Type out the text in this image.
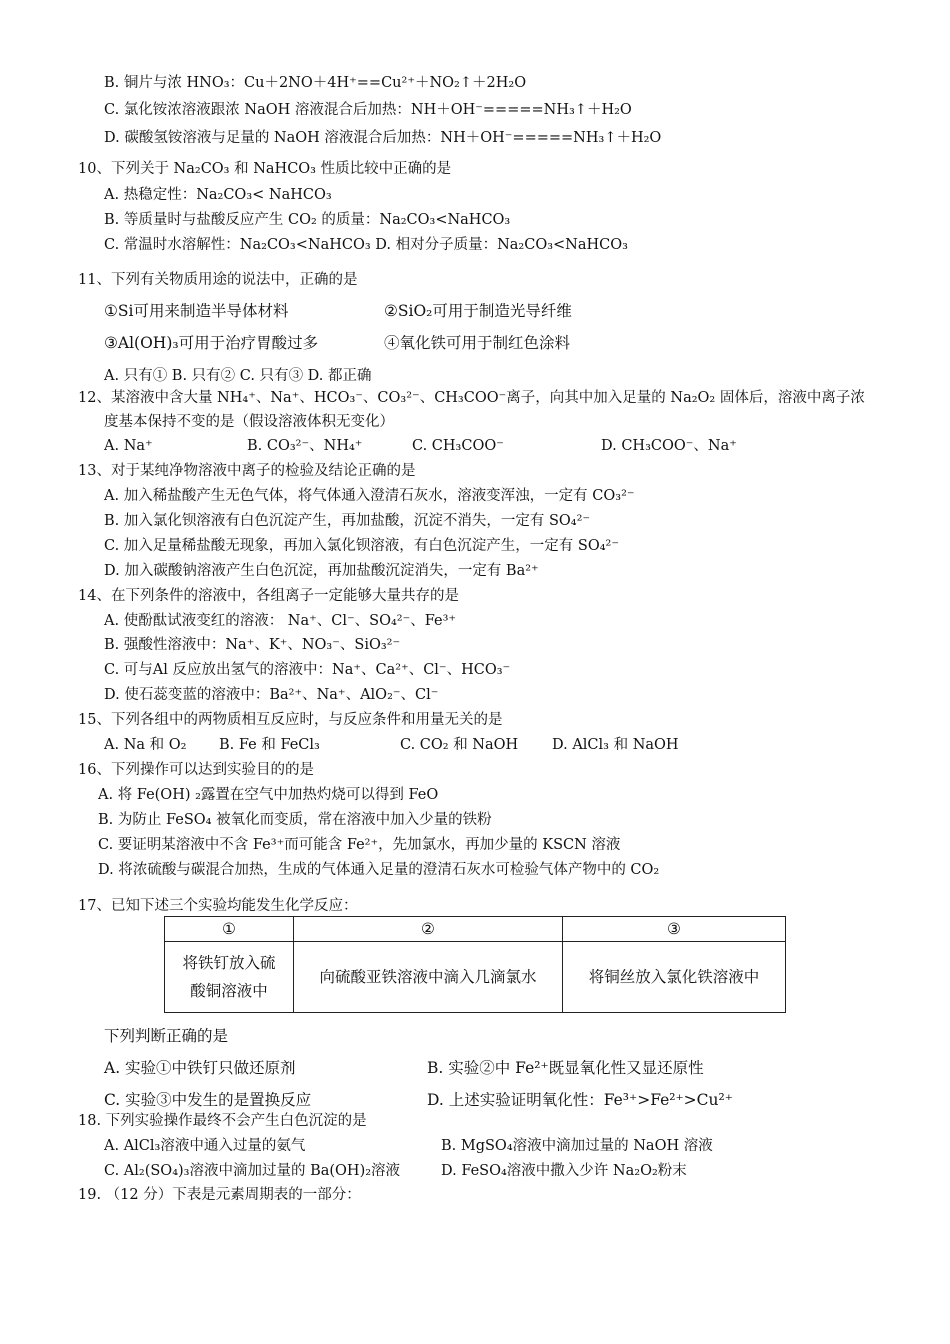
B. 铜片与浓 HNO₃：Cu＋2NO＋4H⁺==Cu²⁺＋NO₂↑＋2H₂O
C. 氯化铵浓溶液跟浓 NaOH 溶液混合后加热：NH＋OH⁻=====NH₃↑＋H₂O
D. 碳酸氢铵溶液与足量的 NaOH 溶液混合后加热：NH＋OH⁻=====NH₃↑＋H₂O
10、下列关于 Na₂CO₃ 和 NaHCO₃ 性质比较中正确的是
A. 热稳定性：Na₂CO₃< NaHCO₃
B. 等质量时与盐酸反应产生 CO₂ 的质量：Na₂CO₃<NaHCO₃
C. 常温时水溶解性：Na₂CO₃<NaHCO₃ D. 相对分子质量：Na₂CO₃<NaHCO₃
11、下列有关物质用途的说法中，正确的是
①Si可用来制造半导体材料	②SiO₂可用于制造光导纤维
③Al(OH)₃可用于治疗胃酸过多	④氧化铁可用于制红色涂料
A. 只有① B. 只有② C. 只有③ D. 都正确
12、某溶液中含大量 NH₄⁺、Na⁺、HCO₃⁻、CO₃²⁻、CH₃COO⁻离子，向其中加入足量的 Na₂O₂ 固体后，溶液中离子浓
度基本保持不变的是（假设溶液体积无变化）
A. Na⁺	B. CO₃²⁻、NH₄⁺	C. CH₃COO⁻	D. CH₃COO⁻、Na⁺
13、对于某纯净物溶液中离子的检验及结论正确的是
A. 加入稀盐酸产生无色气体，将气体通入澄清石灰水，溶液变浑浊，一定有 CO₃²⁻
B. 加入氯化钡溶液有白色沉淀产生，再加盐酸，沉淀不消失，一定有 SO₄²⁻
C. 加入足量稀盐酸无现象，再加入氯化钡溶液，有白色沉淀产生，一定有 SO₄²⁻
D. 加入碳酸钠溶液产生白色沉淀，再加盐酸沉淀消失，一定有 Ba²⁺
14、在下列条件的溶液中，各组离子一定能够大量共存的是
A. 使酚酞试液变红的溶液： Na⁺、Cl⁻、SO₄²⁻、Fe³⁺
B. 强酸性溶液中：Na⁺、K⁺、NO₃⁻、SiO₃²⁻
C. 可与Al 反应放出氢气的溶液中：Na⁺、Ca²⁺、Cl⁻、HCO₃⁻
D. 使石蕊变蓝的溶液中：Ba²⁺、Na⁺、AlO₂⁻、Cl⁻
15、下列各组中的两物质相互反应时，与反应条件和用量无关的是
A. Na 和 O₂ B. Fe 和 FeCl₃	C. CO₂ 和 NaOH D. AlCl₃ 和 NaOH
16、下列操作可以达到实验目的的是
A. 将 Fe(OH) ₂露置在空气中加热灼烧可以得到 FeO
B. 为防止 FeSO₄ 被氧化而变质，常在溶液中加入少量的铁粉
C. 要证明某溶液中不含 Fe³⁺而可能含 Fe²⁺，先加氯水，再加少量的 KSCN 溶液
D. 将浓硫酸与碳混合加热，生成的气体通入足量的澄清石灰水可检验气体产物中的 CO₂
17、已知下述三个实验均能发生化学反应：
①	②	③

将铁钉放入硫
酸铜溶液中	向硫酸亚铁溶液中滴入几滴氯水	将铜丝放入氯化铁溶液中
下列判断正确的是
A. 实验①中铁钉只做还原剂	B. 实验②中 Fe²⁺既显氧化性又显还原性
C. 实验③中发生的是置换反应	D. 上述实验证明氧化性：Fe³⁺>Fe²⁺>Cu²⁺
18. 下列实验操作最终不会产生白色沉淀的是
A. AlCl₃溶液中通入过量的氨气	B. MgSO₄溶液中滴加过量的 NaOH 溶液
C. Al₂(SO₄)₃溶液中滴加过量的 Ba(OH)₂溶液	D. FeSO₄溶液中撒入少许 Na₂O₂粉末
19. （12 分）下表是元素周期表的一部分：
